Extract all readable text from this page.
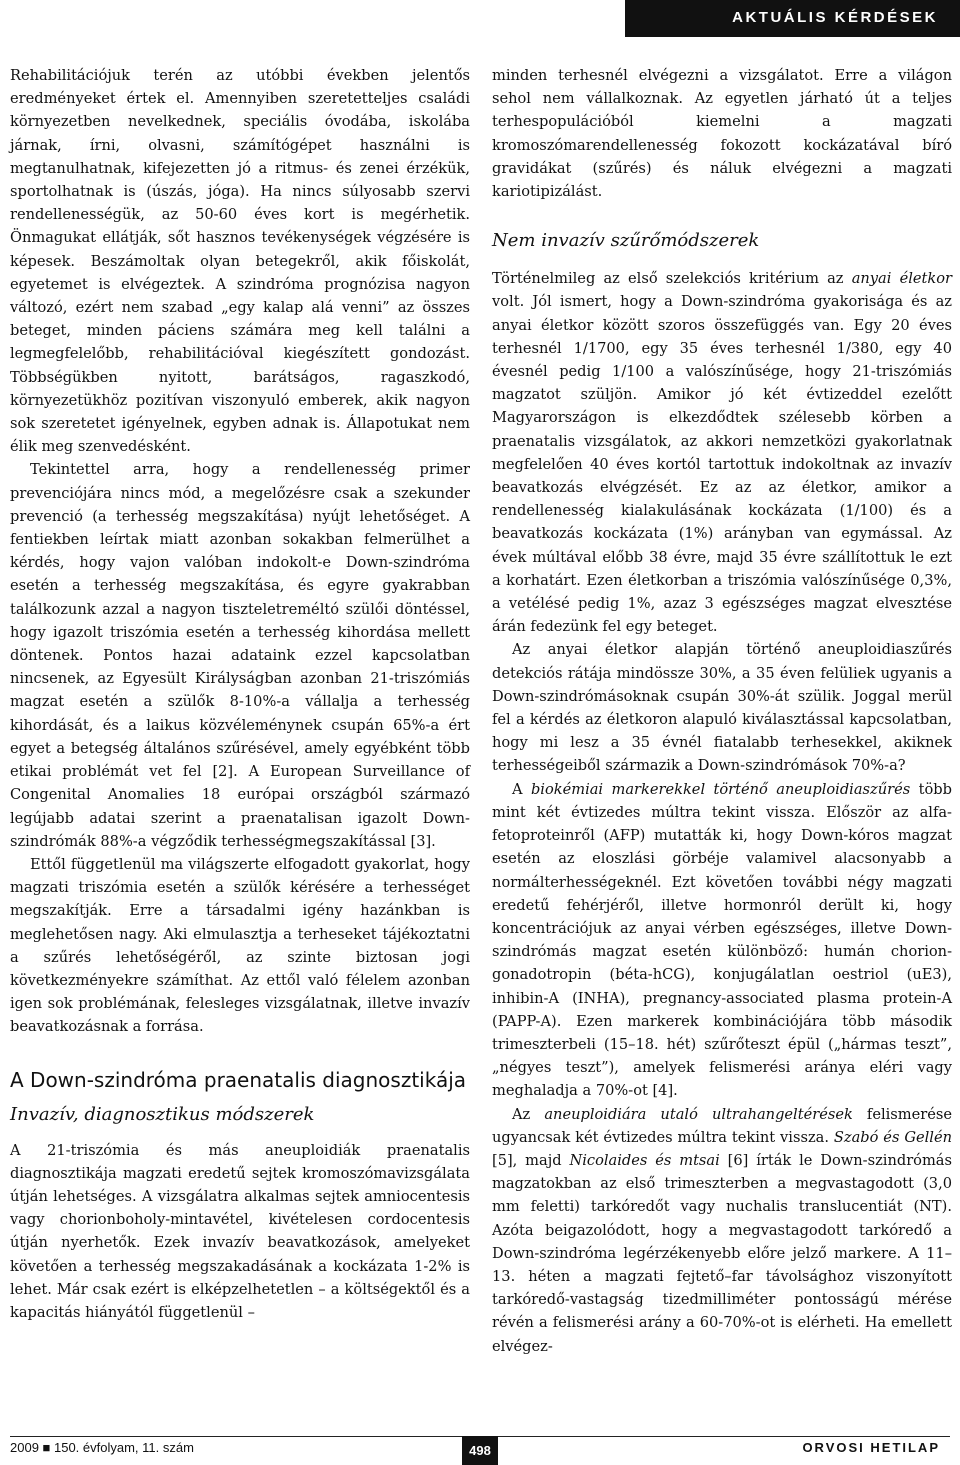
AKTUÁLIS KÉRDÉSEK

Rehabilitációjuk terén az utóbbi években jelentős eredményeket értek el. Amennyiben szeretetteljes családi környezetben nevelkednek, speciális óvodába, iskolába járnak, írni, olvasni, számítógépet használni is megtanulhatnak, kifejezetten jó a ritmus- és zenei érzékük, sportolhatnak is (úszás, jóga). Ha nincs súlyosabb szervi rendellenességük, az 50-60 éves kort is megérhetik. Önmagukat ellátják, sőt hasznos tevékenységek végzésére is képesek. Beszámoltak olyan betegekről, akik főiskolát, egyetemet is elvégeztek. A szindróma prognózisa nagyon változó, ezért nem szabad „egy kalap alá venni” az összes beteget, minden páciens számára meg kell találni a legmegfelelőbb, rehabilitációval kiegészített gondozást. Többségükben nyitott, barátságos, ragaszkodó, környezetükhöz pozitívan viszonyuló emberek, akik nagyon sok szeretetet igényelnek, egyben adnak is. Állapotukat nem élik meg szenvedésként.

Tekintettel arra, hogy a rendellenesség primer prevenciójára nincs mód, a megelőzésre csak a szekunder prevenció (a terhesség megszakítása) nyújt lehetőséget. A fentiekben leírtak miatt azonban sokakban felmerülhet a kérdés, hogy vajon valóban indokolt-e Down-szindróma esetén a terhesség megszakítása, és egyre gyakrabban találkozunk azzal a nagyon tiszteletreméltó szülői döntéssel, hogy igazolt triszómia esetén a terhesség kihordása mellett döntenek. Pontos hazai adataink ezzel kapcsolatban nincsenek, az Egyesült Királyságban azonban 21-triszómiás magzat esetén a szülők 8-10%-a vállalja a terhesség kihordását, és a laikus közvéleménynek csupán 65%-a ért egyet a betegség általános szűrésével, amely egyébként több etikai problémát vet fel [2]. A European Surveillance of Congenital Anomalies 18 európai országból származó legújabb adatai szerint a praenatalisan igazolt Down-szindrómák 88%-a végződik terhességmegszakítással [3].

Ettől függetlenül ma világszerte elfogadott gyakorlat, hogy magzati triszómia esetén a szülők kérésére a terhességet megszakítják. Erre a társadalmi igény hazánkban is meglehetősen nagy. Aki elmulasztja a terheseket tájékoztatni a szűrés lehetőségéről, az szinte biztosan jogi következményekre számíthat. Az ettől való félelem azonban igen sok problémának, felesleges vizsgálatnak, illetve invazív beavatkozásnak a forrása.

A Down-szindróma praenatalis diagnosztikája
Invazív, diagnosztikus módszerek

A 21-triszómia és más aneuploidiák praenatalis diagnosztikája magzati eredetű sejtek kromoszómavizsgálata útján lehetséges. A vizsgálatra alkalmas sejtek amniocentesis vagy chorionboholy-mintavétel, kivételesen cordocentesis útján nyerhetők. Ezek invazív beavatkozások, amelyeket követően a terhesség megszakadásának a kockázata 1-2% is lehet. Már csak ezért is elképzelhetetlen – a költségektől és a kapacitás hiányától függetlenül –

minden terhesnél elvégezni a vizsgálatot. Erre a világon sehol nem vállalkoznak. Az egyetlen járható út a teljes terhespopulációból kiemelni a magzati kromoszómarendellenesség fokozott kockázatával bíró gravidákat (szűrés) és náluk elvégezni a magzati kariotipizálást.

Nem invazív szűrőmódszerek

Történelmileg az első szelekciós kritérium az anyai életkor volt. Jól ismert, hogy a Down-szindróma gyakorisága és az anyai életkor között szoros összefüggés van. Egy 20 éves terhesnél 1/1700, egy 35 éves terhesnél 1/380, egy 40 évesnél pedig 1/100 a valószínűsége, hogy 21-triszómiás magzatot szüljön. Amikor jó két évtizeddel ezelőtt Magyarországon is elkezdődtek szélesebb körben a praenatalis vizsgálatok, az akkori nemzetközi gyakorlatnak megfelelően 40 éves kortól tartottuk indokoltnak az invazív beavatkozás elvégzését. Ez az az életkor, amikor a rendellenesség kialakulásának kockázata (1/100) és a beavatkozás kockázata (1%) arányban van egymással. Az évek múltával előbb 38 évre, majd 35 évre szállítottuk le ezt a korhatárt. Ezen életkorban a triszómia valószínűsége 0,3%, a vetélésé pedig 1%, azaz 3 egészséges magzat elvesztése árán fedezünk fel egy beteget.

Az anyai életkor alapján történő aneuploidiaszűrés detekciós rátája mindössze 30%, a 35 éven felüliek ugyanis a Down-szindrómásoknak csupán 30%-át szülik. Joggal merül fel a kérdés az életkoron alapuló kiválasztással kapcsolatban, hogy mi lesz a 35 évnél fiatalabb terhesekkel, akiknek terhességeiből származik a Down-szindrómások 70%-a?

A biokémiai markerekkel történő aneuploidiaszűrés több mint két évtizedes múltra tekint vissza. Először az alfa-fetoproteinről (AFP) mutatták ki, hogy Down-kóros magzat esetén az eloszlási görbéje valamivel alacsonyabb a normálterhességeknél. Ezt követően további négy magzati eredetű fehérjéről, illetve hormonról derült ki, hogy koncentrációjuk az anyai vérben egészséges, illetve Down-szindrómás magzat esetén különböző: humán chorion-gonadotropin (béta-hCG), konjugálatlan oestriol (uE3), inhibin-A (INHA), pregnancy-associated plasma protein-A (PAPP-A). Ezen markerek kombinációjára több második trimeszterbeli (15–18. hét) szűrőteszt épül („hármas teszt”, „négyes teszt”), amelyek felismerési aránya eléri vagy meghaladja a 70%-ot [4].

Az aneuploidiára utaló ultrahangeltérések felismerése ugyancsak két évtizedes múltra tekint vissza. Szabó és Gellén [5], majd Nicolaides és mtsai [6] írták le Down-szindrómás magzatokban az első trimeszterben a megvastagodott (3,0 mm feletti) tarkóredőt vagy nuchalis translucentiát (NT). Azóta beigazolódott, hogy a megvastagodott tarkóredő a Down-szindróma legérzékenyebb előre jelző markere. A 11–13. héten a magzati fejtető–far távolsághoz viszonyított tarkóredő-vastagság tizedmilliméter pontosságú mérése révén a felismerési arány a 60-70%-ot is elérheti. Ha emellett elvégez-

2009 ■ 150. évfolyam, 11. szám	498	ORVOSI HETILAP
